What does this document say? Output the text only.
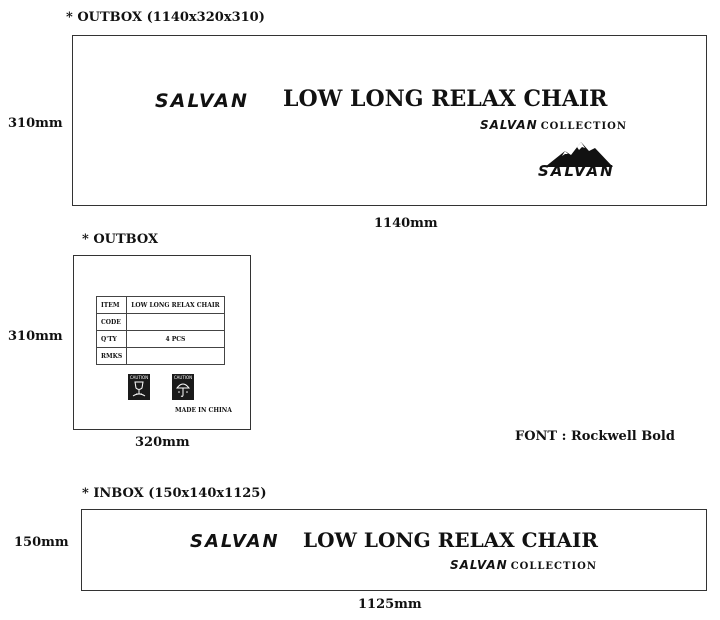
* OUTBOX (1140x320x310)
310mm
SALVAN LOW LONG RELAX CHAIR
SALVAN COLLECTION
SALVAN
1140mm
* OUTBOX
310mm
ITEM	LOW LONG RELAX CHAIR
CODE	
Q'TY	4 PCS
RMKS	
CAUTION	CAUTION
MADE IN CHINA
320mm	FONT : Rockwell Bold
* INBOX (150x140x1125)
150mm	SALVAN LOW LONG RELAX CHAIR
SALVAN COLLECTION
1125mm
